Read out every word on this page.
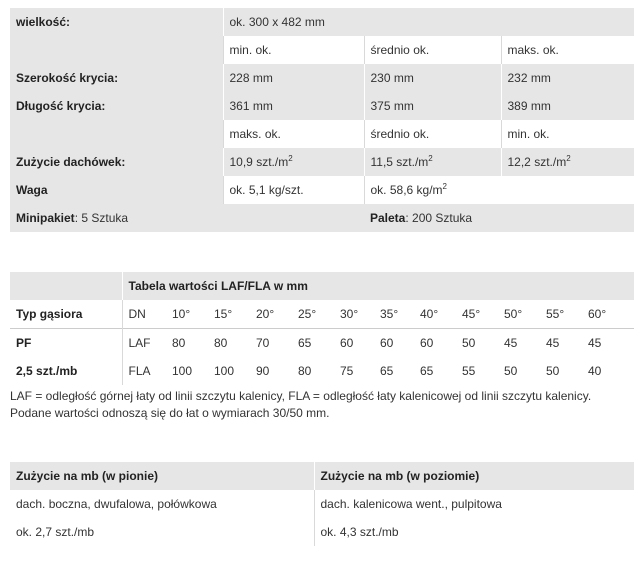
wielkość:	ok. 300 x 482 mm		
	min. ok.	średnio ok.	maks. ok.
Szerokość krycia:	228 mm	230 mm	232 mm
Długość krycia:	361 mm	375 mm	389 mm
	maks. ok.	średnio ok.	min. ok.
Zużycie dachówek:	10,9 $szt./m^2$	11,5 $szt./m^2$	12,2 $szt./m^2$
Waga	ok. 5,1 kg/szt.	ok. 58,6 $kg/m^2$
Minipakiet: 5 Sztuka		Paleta: 200 Sztuka	
	Tabela wartości LAF/FLA w mm											
Typ gąsiora	DN	10°	15°	20°	25°	30°	35°	40°	45°	50°	55°	60°
PF	LAF	80	80	70	65	60	60	60	50	45	45	45
2,5 szt./mb	FLA	100	100	90	80	75	65	65	55	50	50	40
LAF = odległość górnej łaty od linii szczytu kalenicy, FLA = odległość łaty kalenicowej od linii szczytu kalenicy. Podane wartości odnoszą się do łat o wymiarach 30/50 mm.
Zużycie na mb (w pionie)	Zużycie na mb (w poziomie)
dach. boczna, dwufalowa, połówkowa	dach. kalenicowa went., pulpitowa
ok. 2,7 szt./mb	ok. 4,3 szt./mb
